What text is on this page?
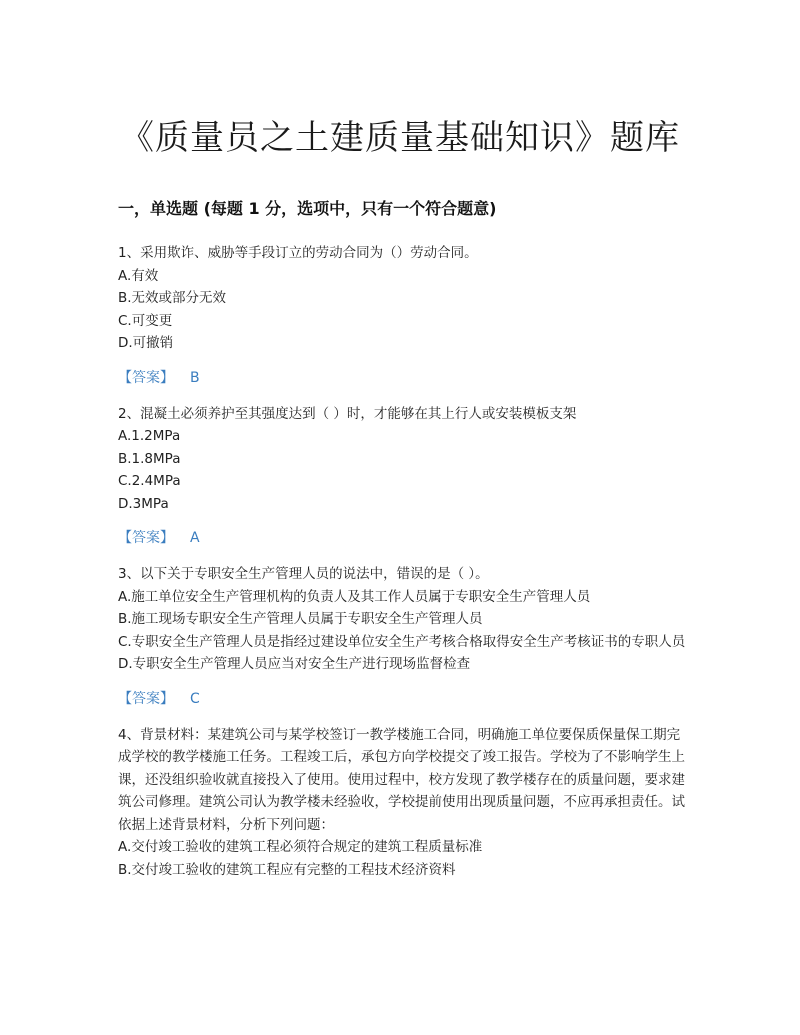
《质量员之土建质量基础知识》题库
一，单选题 (每题 1 分，选项中，只有一个符合题意)
1、采用欺诈、威胁等手段订立的劳动合同为（）劳动合同。
A.有效
B.无效或部分无效
C.可变更
D.可撤销
【答案】 B
2、混凝土必须养护至其强度达到（ ）时，才能够在其上行人或安装模板支架
A.1.2MPa
B.1.8MPa
C.2.4MPa
D.3MPa
【答案】 A
3、以下关于专职安全生产管理人员的说法中，错误的是（ ）。
A.施工单位安全生产管理机构的负责人及其工作人员属于专职安全生产管理人员
B.施工现场专职安全生产管理人员属于专职安全生产管理人员
C.专职安全生产管理人员是指经过建设单位安全生产考核合格取得安全生产考核证书的专职人员
D.专职安全生产管理人员应当对安全生产进行现场监督检查
【答案】 C
4、背景材料：某建筑公司与某学校签订一教学楼施工合同，明确施工单位要保质保量保工期完成学校的教学楼施工任务。工程竣工后，承包方向学校提交了竣工报告。学校为了不影响学生上课，还没组织验收就直接投入了使用。使用过程中，校方发现了教学楼存在的质量问题，要求建筑公司修理。建筑公司认为教学楼未经验收，学校提前使用出现质量问题，不应再承担责任。试依据上述背景材料，分析下列问题：
A.交付竣工验收的建筑工程必须符合规定的建筑工程质量标准
B.交付竣工验收的建筑工程应有完整的工程技术经济资料
